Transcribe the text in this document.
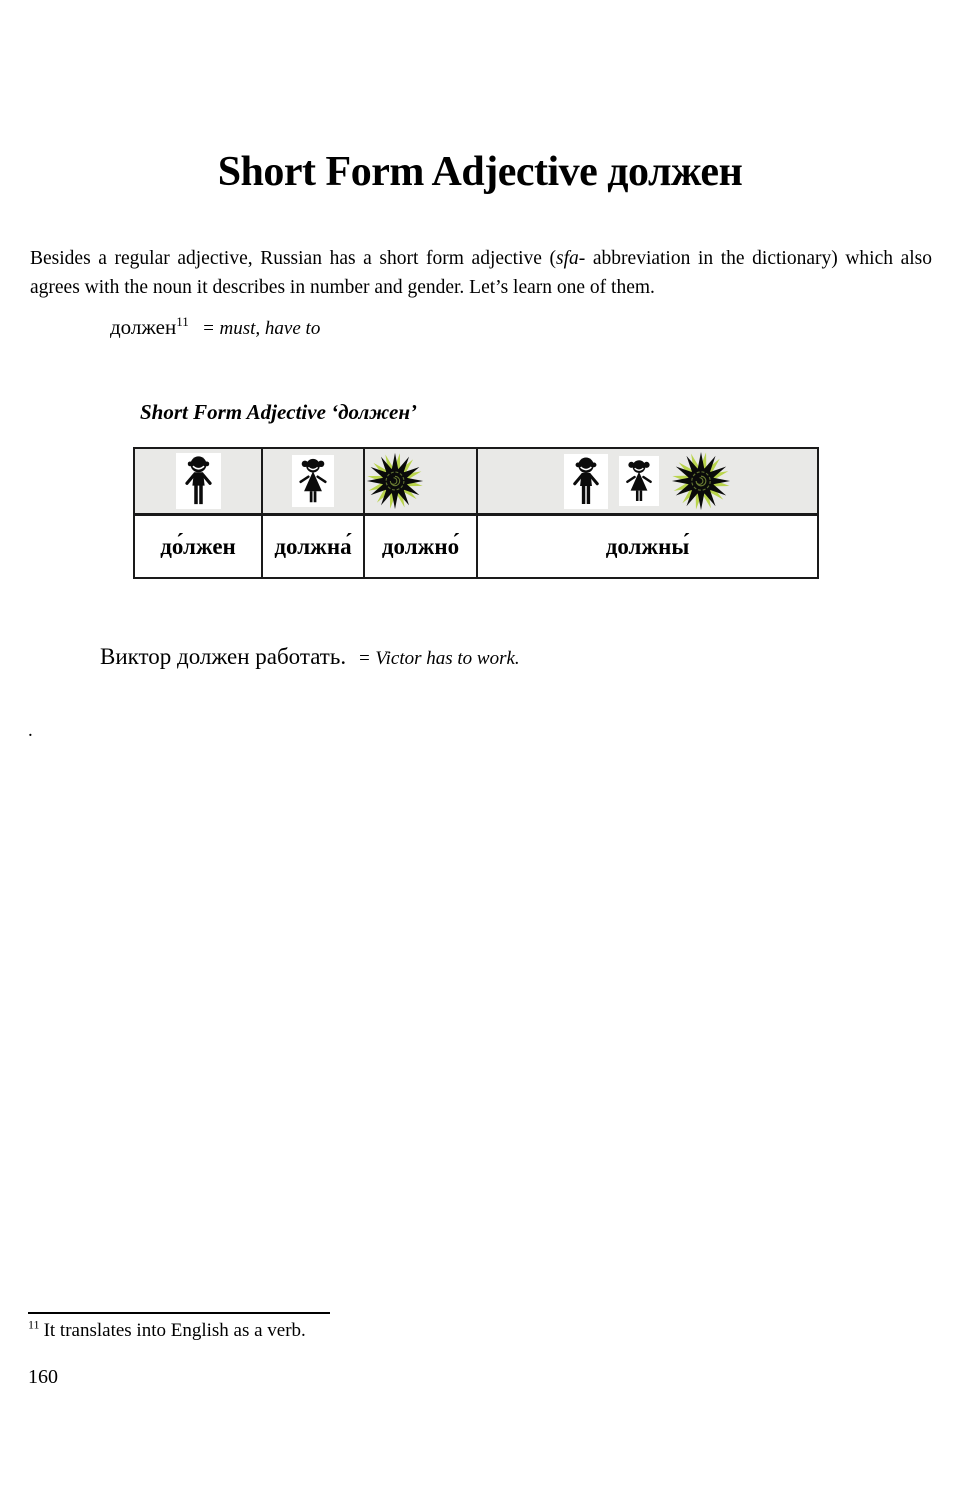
Short Form Adjective должен

Besides a regular adjective, Russian has a short form adjective (sfa- abbreviation in the dictionary) which also agrees with the noun it describes in number and gender. Let’s learn one of them.

должен$^{11}$ = must, have to
Short Form Adjective ‘должен’

до́лжен	должна́	должно́	должны́
Виктор должен работать. = Victor has to work.
.

$^{11}$ It translates into English as a verb.

160
